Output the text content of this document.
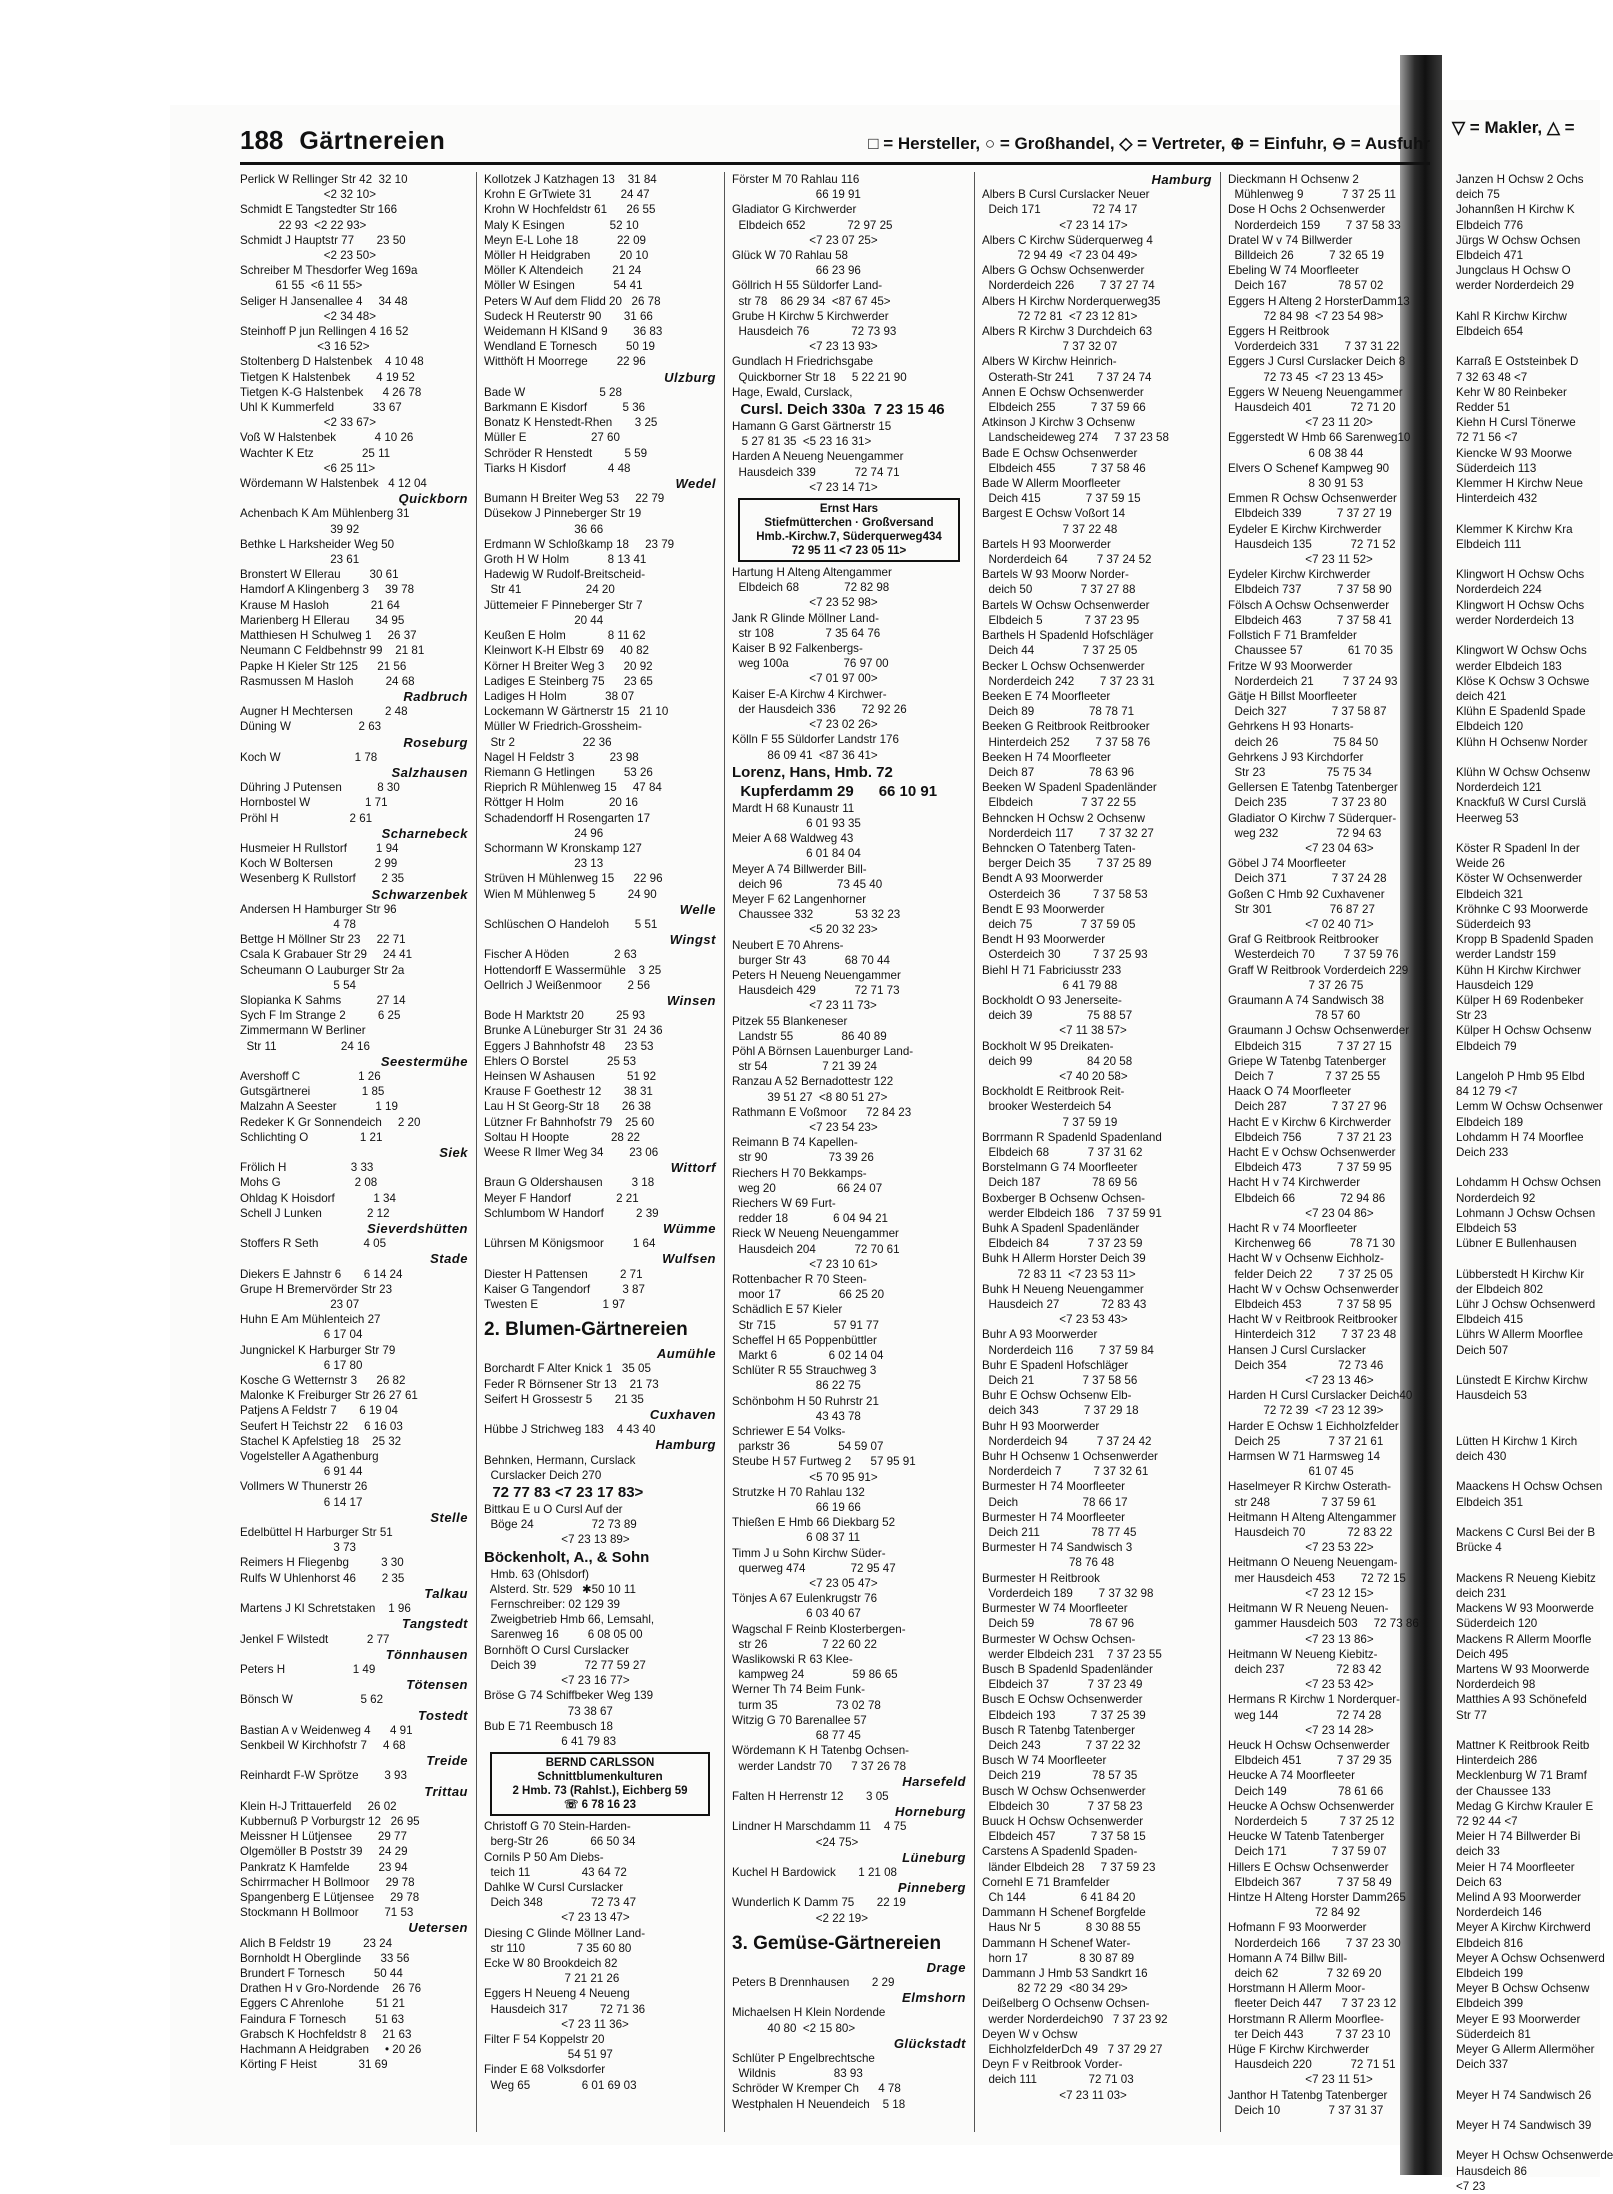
▽ = Makler, △ =
Janzen H Ochsw 2 Ochs
deich 75
Johannßen H Kirchw K
Elbdeich 776
Jürgs W Ochsw Ochsen
Elbdeich 471
Jungclaus H Ochsw O
werder Norderdeich 29

Kahl R Kirchw Kirchw
Elbdeich 654

Karraß E Oststeinbek D
7 32 63 48 <7
Kehr W 80 Reinbeker
Redder 51
Kiehn H Cursl Tönerwe
72 71 56 <7
Kiencke W 93 Moorwe
Süderdeich 113
Klemmer H Kirchw Neue
Hinterdeich 432

Klemmer K Kirchw Kra
Elbdeich 111

Klingwort H Ochsw Ochs
Norderdeich 224
Klingwort H Ochsw Ochs
werder Norderdeich 13

Klingwort W Ochsw Ochs
werder Elbdeich 183
Klöse K Ochsw 3 Ochswe
deich 421
Klühn E Spadenld Spade
Elbdeich 120
Klühn H Ochsenw Norder

Klühn W Ochsw Ochsenw
Norderdeich 121
Knackfuß W Cursl Curslä
Heerweg 53

Köster R Spadenl In der
Weide 26
Köster W Ochsenwerder
Elbdeich 321
Kröhnke C 93 Moorwerde
Süderdeich 93
Kropp B Spadenld Spaden
werder Landstr 159
Kühn H Kirchw Kirchwer
Hausdeich 129
Külper H 69 Rodenbeker
Str 23
Külper H Ochsw Ochsenw
Elbdeich 79

Langeloh P Hmb 95 Elbd
84 12 79 <7
Lemm W Ochsw Ochsenwer
Elbdeich 189
Lohdamm H 74 Moorflee
Deich 233

Lohdamm H Ochsw Ochsen
Norderdeich 92
Lohmann J Ochsw Ochsen
Elbdeich 53
Lübner E Bullenhausen

Lübberstedt H Kirchw Kir
der Elbdeich 802
Lühr J Ochsw Ochsenwerd
Elbdeich 415
Lührs W Allerm Moorflee
Deich 507

Lünstedt E Kirchw Kirchw
Hausdeich 53

Lütten H Kirchw 1 Kirch
deich 430

Maackens H Ochsw Ochsen
Elbdeich 351

Mackens C Cursl Bei der B
Brücke 4

Mackens R Neueng Kiebitz
deich 231
Mackens W 93 Moorwerde
Süderdeich 120
Mackens R Allerm Moorfle
Deich 495
Martens W 93 Moorwerde
Norderdeich 98
Matthies A 93 Schönefeld
Str 77

Mattner K Reitbrook Reitb
Hinterdeich 286
Mecklenburg W 71 Bramf
der Chaussee 133
Medag G Kirchw Krauler E
72 92 44 <7
Meier H 74 Billwerder Bi
deich 33
Meier H 74 Moorfleeter
Deich 63
Melind A 93 Moorwerder
Norderdeich 146
Meyer A Kirchw Kirchwerd
Elbdeich 816
Meyer A Ochsw Ochsenwerd
Elbdeich 199
Meyer B Ochsw Ochsenw
Elbdeich 399
Meyer E 93 Moorwerder
Süderdeich 81
Meyer G Allerm Allermöher
Deich 337

Meyer H 74 Sandwisch 26

Meyer H 74 Sandwisch 39

Meyer H Ochsw Ochsenwerde
Hausdeich 86
<7 23
188 Gärtnereien	□ = Hersteller, ○ = Großhandel, ◇ = Vertreter, ⊕ = Einfuhr, ⊖ = Ausfuhr
Perlick W Rellinger Str 42  32 10
<2 32 10>
Schmidt E Tangstedter Str 166
22 93  <2 22 93>
Schmidt J Hauptstr 77       23 50
<2 23 50>
Schreiber M Thesdorfer Weg 169a
61 55  <6 11 55>
Seliger H Jansenallee 4     34 48
<2 34 48>
Steinhoff P jun Rellingen 4 16 52
<3 16 52>
Stoltenberg D Halstenbek    4 10 48
Tietgen K Halstenbek        4 19 52
Tietgen K-G Halstenbek      4 26 78
Uhl K Kummerfeld            33 67
<2 33 67>
Voß W Halstenbek            4 10 26
Wachter K Etz               25 11
<6 25 11>
Wördemann W Halstenbek   4 12 04
Quickborn
Achenbach K Am Mühlenberg 31
39 92
Bethke L Harksheider Weg 50
23 61
Bronstert W Ellerau         30 61
Hamdorf A Klingenberg 3     39 78
Krause M Hasloh             21 64
Marienberg H Ellerau        34 95
Matthiesen H Schulweg 1     26 37
Neumann C Feldbehnstr 99    21 81
Papke H Kieler Str 125      21 56
Rasmussen M Hasloh          24 68
Radbruch
Augner H Mechtersen          2 48
Düning W                     2 63
Roseburg
Koch W                       1 78
Salzhausen
Dühring J Putensen           8 30
Hornbostel W                 1 71
Pröhl H                      2 61
Scharnebeck
Husmeier H Rullstorf         1 94
Koch W Boltersen             2 99
Wesenberg K Rullstorf        2 35
Schwarzenbek
Andersen H Hamburger Str 96
4 78
Bettge H Möllner Str 23     22 71
Csala K Grabauer Str 29     24 41
Scheumann O Lauburger Str 2a
5 54
Slopianka K Sahms           27 14
Sych F Im Strange 2          6 25
Zimmermann W Berliner
Str 11                    24 16
Seestermühe
Avershoff C                  1 26
Gutsgärtnerei                1 85
Malzahn A Seester            1 19
Redeker K Gr Sonnendeich     2 20
Schlichting O                1 21
Siek
Frölich H                    3 33
Mohs G                       2 08
Ohldag K Hoisdorf            1 34
Schell J Lunken              2 12
Sieverdshütten
Stoffers R Seth              4 05
Stade
Diekers E Jahnstr 6       6 14 24
Grupe H Bremervörder Str 23
23 07
Huhn E Am Mühlenteich 27
6 17 04
Jungnickel K Harburger Str 79
6 17 80
Kosche G Wetternstr 3      26 82
Malonke K Freiburger Str 26 27 61
Patjens A Feldstr 7       6 19 04
Seufert H Teichstr 22     6 16 03
Stachel K Apfelstieg 18    25 32
Vogelsteller A Agathenburg
6 91 44
Vollmers W Thunerstr 26
6 14 17
Stelle
Edelbüttel H Harburger Str 51
3 73
Reimers H Fliegenbg          3 30
Rulfs W Uhlenhorst 46        2 35
Talkau
Martens J Kl Schretstaken    1 96
Tangstedt
Jenkel F Wilstedt            2 77
Tönnhausen
Peters H                     1 49
Tötensen
Bönsch W                     5 62
Tostedt
Bastian A v Weidenweg 4      4 91
Senkbeil W Kirchhofstr 7     4 68
Treide
Reinhardt F-W Sprötze        3 93
Trittau
Klein H-J Trittauerfeld     26 02
Kubbernuß P Vorburgstr 12   26 95
Meissner H Lütjensee        29 77
Olgemöller B Poststr 39     24 29
Pankratz K Hamfelde         23 94
Schirrmacher H Bollmoor     29 78
Spangenberg E Lütjensee     29 78
Stockmann H Bollmoor        71 53
Uetersen
Alich B Feldstr 19          23 24
Bornholdt H Oberglinde      33 56
Brundert F Tornesch         50 44
Drathen H v Gro-Nordende    26 76
Eggers C Ahrenlohe          51 21
Faindura F Tornesch         51 63
Grabsch K Hochfeldstr 8     21 63
Hachmann A Heidgraben     • 20 26
Körting F Heist             31 69
Kollotzek J Katzhagen 13    31 84
Krohn E GrTwiete 31         24 47
Krohn W Hochfeldstr 61      26 55
Maly K Esingen              52 10
Meyn E-L Lohe 18            22 09
Möller H Heidgraben         20 10
Möller K Altendeich         21 24
Möller W Esingen            54 41
Peters W Auf dem Flidd 20   26 78
Sudeck H Reuterstr 90       31 66
Weidemann H KlSand 9        36 83
Wendland E Tornesch         50 19
Witthöft H Moorrege         22 96
Ulzburg
Bade W                       5 28
Barkmann E Kisdorf           5 36
Bonatz K Henstedt-Rhen       3 25
Müller E                    27 60
Schröder R Henstedt          5 59
Tiarks H Kisdorf             4 48
Wedel
Bumann H Breiter Weg 53     22 79
Düsekow J Pinneberger Str 19
36 66
Erdmann W Schloßkamp 18     23 79
Groth H W Holm            8 13 41
Hadewig W Rudolf-Breitscheid-
Str 41                    24 20
Jüttemeier F Pinneberger Str 7
20 44
Keußen E Holm             8 11 62
Kleinwort K-H Elbstr 69     40 82
Körner H Breiter Weg 3      20 92
Ladiges E Steinberg 75      23 65
Ladiges H Holm            38 07
Lockemann W Gärtnerstr 15   21 10
Müller W Friedrich-Grossheim-
Str 2                     22 36
Nagel H Feldstr 3           23 98
Riemann G Hetlingen         53 26
Rieprich R Mühlenweg 15     47 84
Röttger H Holm              20 16
Schadendorff H Rosengarten 17
24 96
Schormann W Kronskamp 127
23 13
Strüven H Mühlenweg 15      22 96
Wien M Mühlenweg 5          24 90
Welle
Schlüschen O Handeloh        5 51
Wingst
Fischer A Höden              2 63
Hottendorff E Wassermühle    3 25
Oellrich J Weißenmoor        2 56
Winsen
Bode H Marktstr 20          25 93
Brunke A Lüneburger Str 31  24 36
Eggers J Bahnhofstr 48      23 53
Ehlers O Borstel            25 53
Heinsen W Ashausen          51 92
Krause F Goethestr 12       38 31
Lau H St Georg-Str 18       26 38
Lützner Fr Bahnhofstr 79    25 60
Soltau H Hoopte             28 22
Weese R Ilmer Weg 34        23 06
Wittorf
Braun G Oldershausen         3 18
Meyer F Handorf              2 21
Schlumbom W Handorf          2 39
Wümme
Lührsen M Königsmoor         1 64
Wulfsen
Diester H Pattensen          2 71
Kaiser G Tangendorf          3 87
Twesten E                    1 97
2. Blumen-Gärtnereien
Aumühle
Borchardt F Alter Knick 1   35 05
Feder R Börnsener Str 13    21 73
Seifert H Grossestr 5       21 35
Cuxhaven
Hübbe J Strichweg 183    4 43 40
Hamburg
Behnken, Hermann, Curslack
Curslacker Deich 270
72 77 83 <7 23 17 83>
Bittkau E u O Cursl Auf der
Böge 24                  72 73 89
<7 23 13 89>
Böckenholt, A., & Sohn
Hmb. 63 (Ohlsdorf)
Alsterd. Str. 529   ✱50 10 11
Fernschreiber: 02 129 39
Zweigbetrieb Hmb 66, Lemsahl,
Sarenweg 16         6 08 05 00
Bornhöft O Cursl Curslacker
Deich 39               72 77 59 27
<7 23 16 77>
Bröse G 74 Schiffbeker Weg 139
73 38 67
Bub E 71 Reembusch 18
6 41 79 83
BERND CARLSSON
Schnittblumenkulturen
2 Hmb. 73 (Rahlst.), Eichberg 59
☏ 6 78 16 23
Christoff G 70 Stein-Harden-
berg-Str 26             66 50 34
Cornils P 50 Am Diebs-
teich 11                43 64 72
Dahlke W Cursl Curslacker
Deich 348               72 73 47
<7 23 13 47>
Diesing C Glinde Möllner Land-
str 110                7 35 60 80
Ecke W 80 Brookdeich 82
7 21 21 26
Eggers H Neueng 4 Neueng
Hausdeich 317          72 71 36
<7 23 11 36>
Filter F 54 Koppelstr 20
54 51 97
Finder E 68 Volksdorfer
Weg 65                6 01 69 03
Förster M 70 Rahlau 116
66 19 91
Gladiator G Kirchwerder
Elbdeich 652             72 97 25
<7 23 07 25>
Glück W 70 Rahlau 58
66 23 96
Göllrich H 55 Süldorfer Land-
str 78    86 29 34  <87 67 45>
Grube H Kirchw 5 Kirchwerder
Hausdeich 76             72 73 93
<7 23 13 93>
Gundlach H Friedrichsgabe
Quickborner Str 18     5 22 21 90
Hage, Ewald, Curslack,
Cursl. Deich 330a  7 23 15 46
Hamann G Garst Gärtnerstr 15
5 27 81 35  <5 23 16 31>
Harden A Neueng Neuengammer
Hausdeich 339            72 74 71
<7 23 14 71>
Ernst Hars
Stiefmütterchen · Großversand
Hmb.-Kirchw.7, Süderquerweg434
72 95 11 <7 23 05 11>
Hartung H Alteng Altengammer
Elbdeich 68              72 82 98
<7 23 52 98>
Jank R Glinde Möllner Land-
str 108                7 35 64 76
Kaiser B 92 Falkenbergs-
weg 100a                 76 97 00
<7 01 97 00>
Kaiser E-A Kirchw 4 Kirchwer-
der Hausdeich 336        72 92 26
<7 23 02 26>
Kölln F 55 Süldorfer Landstr 176
86 09 41  <87 36 41>
Lorenz, Hans, Hmb. 72
Kupferdamm 29      66 10 91
Mardt H 68 Kunaustr 11
6 01 93 35
Meier A 68 Waldweg 43
6 01 84 04
Meyer A 74 Billwerder Bill-
deich 96                 73 45 40
Meyer F 62 Langenhorner
Chaussee 332             53 32 23
<5 20 32 23>
Neubert E 70 Ahrens-
burger Str 43            68 70 44
Peters H Neueng Neuengammer
Hausdeich 429            72 71 73
<7 23 11 73>
Pitzek 55 Blankeneser
Landstr 55               86 40 89
Pöhl A Börnsen Lauenburger Land-
str 54                 7 21 39 24
Ranzau A 52 Bernadottestr 122
39 51 27  <8 80 51 27>
Rathmann E Voßmoor      72 84 23
<7 23 54 23>
Reimann B 74 Kapellen-
str 90                   73 39 26
Riechers H 70 Bekkamps-
weg 20                   66 24 07
Riechers W 69 Furt-
redder 18              6 04 94 21
Rieck W Neueng Neuengammer
Hausdeich 204            72 70 61
<7 23 10 61>
Rottenbacher R 70 Steen-
moor 17                  66 25 20
Schädlich E 57 Kieler
Str 715                  57 91 77
Scheffel H 65 Poppenbüttler
Markt 6                6 02 14 04
Schlüter R 55 Strauchweg 3
86 22 75
Schönbohm H 50 Ruhrstr 21
43 43 78
Schriewer E 54 Volks-
parkstr 36               54 59 07
Steube H 57 Furtweg 2      57 95 91
<5 70 95 91>
Strutzke H 70 Rahlau 132
66 19 66
Thießen E Hmb 66 Diekbarg 52
6 08 37 11
Timm J u Sohn Kirchw Süder-
querweg 474              72 95 47
<7 23 05 47>
Tönjes A 67 Eulenkrugstr 76
6 03 40 67
Wagschal F Reinb Klosterbergen-
str 26                 7 22 60 22
Waslikowski R 63 Klee-
kampweg 24               59 86 65
Werner Th 74 Beim Funk-
turm 35                  73 02 78
Witzig G 70 Barenallee 57
68 77 45
Wördemann K H Tatenbg Ochsen-
werder Landstr 70      7 37 26 78
Harsefeld
Falten H Herrenstr 12       3 05
Horneburg
Lindner H Marschdamm 11    4 75
<24 75>
Lüneburg
Kuchel H Bardowick       1 21 08
Pinneberg
Wunderlich K Damm 75       22 19
<2 22 19>
3. Gemüse-Gärtnereien
Drage
Peters B Drennhausen       2 29
Elmshorn
Michaelsen H Klein Nordende
40 80  <2 15 80>
Glückstadt
Schlüter P Engelbrechtsche
Wildnis                  83 93
Schröder W Kremper Ch      4 78
Westphalen H Neuendeich    5 18
Hamburg
Albers B Cursl Curslacker Neuer
Deich 171                72 74 17
<7 23 14 17>
Albers C Kirchw Süderquerweg 4
72 94 49  <7 23 04 49>
Albers G Ochsw Ochsenwerder
Norderdeich 226        7 37 27 74
Albers H Kirchw Norderquerweg35
72 72 81  <7 23 12 81>
Albers R Kirchw 3 Durchdeich 63
7 37 32 07
Albers W Kirchw Heinrich-
Osterath-Str 241       7 37 24 74
Annen E Ochsw Ochsenwerder
Elbdeich 255           7 37 59 66
Atkinson J Kirchw 3 Ochsenw
Landscheideweg 274     7 37 23 58
Bade E Ochsw Ochsenwerder
Elbdeich 455           7 37 58 46
Bade W Allerm Moorfleeter
Deich 415              7 37 59 15
Bargest E Ochsw Voßort 14
7 37 22 48
Bartels H 93 Moorwerder
Norderdeich 64         7 37 24 52
Bartels W 93 Moorw Norder-
deich 50               7 37 27 88
Bartels W Ochsw Ochsenwerder
Elbdeich 5             7 37 23 95
Barthels H Spadenld Hofschläger
Deich 44               7 37 25 05
Becker L Ochsw Ochsenwerder
Norderdeich 242        7 37 23 31
Beeken E 74 Moorfleeter
Deich 89                 78 78 71
Beeken G Reitbrook Reitbrooker
Hinterdeich 252        7 37 58 76
Beeken H 74 Moorfleeter
Deich 87                 78 63 96
Beeken W Spadenl Spadenländer
Elbdeich               7 37 22 55
Behncken H Ochsw 2 Ochsenw
Norderdeich 117        7 37 32 27
Behncken O Tatenberg Taten-
berger Deich 35        7 37 25 89
Bendt A 93 Moorwerder
Osterdeich 36          7 37 58 53
Bendt E 93 Moorwerder
deich 75               7 37 59 05
Bendt H 93 Moorwerder
Osterdeich 30          7 37 25 93
Biehl H 71 Fabriciusstr 233
6 41 79 88
Bockholdt O 93 Jenerseite-
deich 39                 75 88 57
<7 11 38 57>
Bockholt W 95 Dreikaten-
deich 99                 84 20 58
<7 40 20 58>
Bockholdt E Reitbrook Reit-
brooker Westerdeich 54
7 37 59 19
Borrmann R Spadenld Spadenland
Elbdeich 68            7 37 31 62
Borstelmann G 74 Moorfleeter
Deich 187                78 69 56
Boxberger B Ochsenw Ochsen-
werder Elbdeich 186    7 37 59 91
Buhk A Spadenl Spadenländer
Elbdeich 84            7 37 23 59
Buhk H Allerm Horster Deich 39
72 83 11  <7 23 53 11>
Buhk H Neueng Neuengammer
Hausdeich 27             72 83 43
<7 23 53 43>
Buhr A 93 Moorwerder
Norderdeich 116        7 37 59 84
Buhr E Spadenl Hofschläger
Deich 21               7 37 58 56
Buhr E Ochsw Ochsenw Elb-
deich 343              7 37 29 18
Buhr H 93 Moorwerder
Norderdeich 94         7 37 24 42
Buhr H Ochsenw 1 Ochsenwerder
Norderdeich 7          7 37 32 61
Burmester H 74 Moorfleeter
Deich                    78 66 17
Burmester H 74 Moorfleeter
Deich 211                78 77 45
Burmester H 74 Sandwisch 3
78 76 48
Burmester H Reitbrook
Vorderdeich 189        7 37 32 98
Burmester W 74 Moorfleeter
Deich 59                 78 67 96
Burmester W Ochsw Ochsen-
werder Elbdeich 231    7 37 23 55
Busch B Spadenld Spadenländer
Elbdeich 37            7 37 23 49
Busch E Ochsw Ochsenwerder
Elbdeich 193           7 37 25 39
Busch R Tatenbg Tatenberger
Deich 243              7 37 22 32
Busch W 74 Moorfleeter
Deich 219                78 57 35
Busch W Ochsw Ochsenwerder
Elbdeich 30            7 37 58 23
Buuck H Ochsw Ochsenwerder
Elbdeich 457           7 37 58 15
Carstens A Spadenld Spaden-
länder Elbdeich 28     7 37 59 23
Cornehl E 71 Bramfelder
Ch 144                 6 41 84 20
Dammann H Schenef Borgfelde
Haus Nr 5              8 30 88 55
Dammann H Schenef Water-
horn 17                8 30 87 89
Dammann J Hmb 53 Sandkrt 16
82 72 29  <80 34 29>
Deißelberg O Ochsenw Ochsen-
werder Norderdeich90   7 37 23 92
Deyen W v Ochsw
EichholzfelderDch 49   7 37 29 27
Deyn F v Reitbrook Vorder-
deich 111                72 71 03
<7 23 11 03>
Dieckmann H Ochsenw 2
Mühlenweg 9            7 37 25 11
Dose H Ochs 2 Ochsenwerder
Norderdeich 159        7 37 58 33
Dratel W v 74 Billwerder
Billdeich 26           7 32 65 19
Ebeling W 74 Moorfleeter
Deich 167                78 57 02
Eggers H Alteng 2 HorsterDamm13
72 84 98  <7 23 54 98>
Eggers H Reitbrook
Vorderdeich 331        7 37 31 22
Eggers J Cursl Curslacker Deich 8
72 73 45  <7 23 13 45>
Eggers W Neueng Neuengammer
Hausdeich 401            72 71 20
<7 23 11 20>
Eggerstedt W Hmb 66 Sarenweg10
6 08 38 44
Elvers O Schenef Kampweg 90
8 30 91 53
Emmen R Ochsw Ochsenwerder
Elbdeich 339           7 37 27 19
Eydeler E Kirchw Kirchwerder
Hausdeich 135            72 71 52
<7 23 11 52>
Eydeler Kirchw Kirchwerder
Elbdeich 737           7 37 58 90
Fölsch A Ochsw Ochsenwerder
Elbdeich 463           7 37 58 41
Follstich F 71 Bramfelder
Chaussee 57              61 70 35
Fritze W 93 Moorwerder
Norderdeich 21         7 37 24 93
Gätje H Billst Moorfleeter
Deich 327              7 37 58 87
Gehrkens H 93 Honarts-
deich 26                 75 84 50
Gehrkens J 93 Kirchdorfer
Str 23                   75 75 34
Gellersen E Tatenbg Tatenberger
Deich 235              7 37 23 80
Gladiator O Kirchw 7 Süderquer-
weg 232                  72 94 63
<7 23 04 63>
Göbel J 74 Moorfleeter
Deich 371              7 37 24 28
Goßen C Hmb 92 Cuxhavener
Str 301                  76 87 27
<7 02 40 71>
Graf G Reitbrook Reitbrooker
Westerdeich 70         7 37 59 76
Graff W Reitbrook Vorderdeich 229
7 37 26 75
Graumann A 74 Sandwisch 38
78 57 60
Graumann J Ochsw Ochsenwerder
Elbdeich 315           7 37 27 15
Griepe W Tatenbg Tatenberger
Deich 7                7 37 25 55
Haack O 74 Moorfleeter
Deich 287              7 37 27 96
Hacht E v Kirchw 6 Kirchwerder
Elbdeich 756           7 37 21 23
Hacht E v Ochsw Ochsenwerder
Elbdeich 473           7 37 59 95
Hacht H v 74 Kirchwerder
Elbdeich 66              72 94 86
<7 23 04 86>
Hacht R v 74 Moorfleeter
Kirchenweg 66            78 71 30
Hacht W v Ochsenw Eichholz-
felder Deich 22        7 37 25 05
Hacht W v Ochsw Ochsenwerder
Elbdeich 453           7 37 58 95
Hacht W v Reitbrook Reitbrooker
Hinterdeich 312        7 37 23 48
Hansen J Cursl Curslacker
Deich 354                72 73 46
<7 23 13 46>
Harden H Cursl Curslacker Deich40
72 72 39  <7 23 12 39>
Harder E Ochsw 1 Eichholzfelder
Deich 25               7 37 21 61
Harmsen W 71 Harmsweg 14
61 07 45
Haselmeyer R Kirchw Osterath-
str 248                7 37 59 61
Heitmann H Alteng Altengammer
Hausdeich 70             72 83 22
<7 23 53 22>
Heitmann O Neueng Neuengam-
mer Hausdeich 453        72 72 15
<7 23 12 15>
Heitmann W R Neueng Neuen-
gammer Hausdeich 503     72 73 86
<7 23 13 86>
Heitmann W Neueng Kiebitz-
deich 237                72 83 42
<7 23 53 42>
Hermans R Kirchw 1 Norderquer-
weg 144                  72 74 28
<7 23 14 28>
Heuck H Ochsw Ochsenwerder
Elbdeich 451           7 37 29 35
Heucke A 74 Moorfleeter
Deich 149                78 61 66
Heucke A Ochsw Ochsenwerder
Norderdeich 5          7 37 25 12
Heucke W Tatenb Tatenberger
Deich 171              7 37 59 07
Hillers E Ochsw Ochsenwerder
Elbdeich 367           7 37 58 49
Hintze H Alteng Horster Damm265
72 84 92
Hofmann F 93 Moorwerder
Norderdeich 166        7 37 23 30
Homann A 74 Billw Bill-
deich 62               7 32 69 20
Horstmann H Allerm Moor-
fleeter Deich 447      7 37 23 12
Horstmann R Allerm Moorflee-
ter Deich 443          7 37 23 10
Hüge F Kirchw Kirchwerder
Hausdeich 220            72 71 51
<7 23 11 51>
Janthor H Tatenbg Tatenberger
Deich 10               7 37 31 37
